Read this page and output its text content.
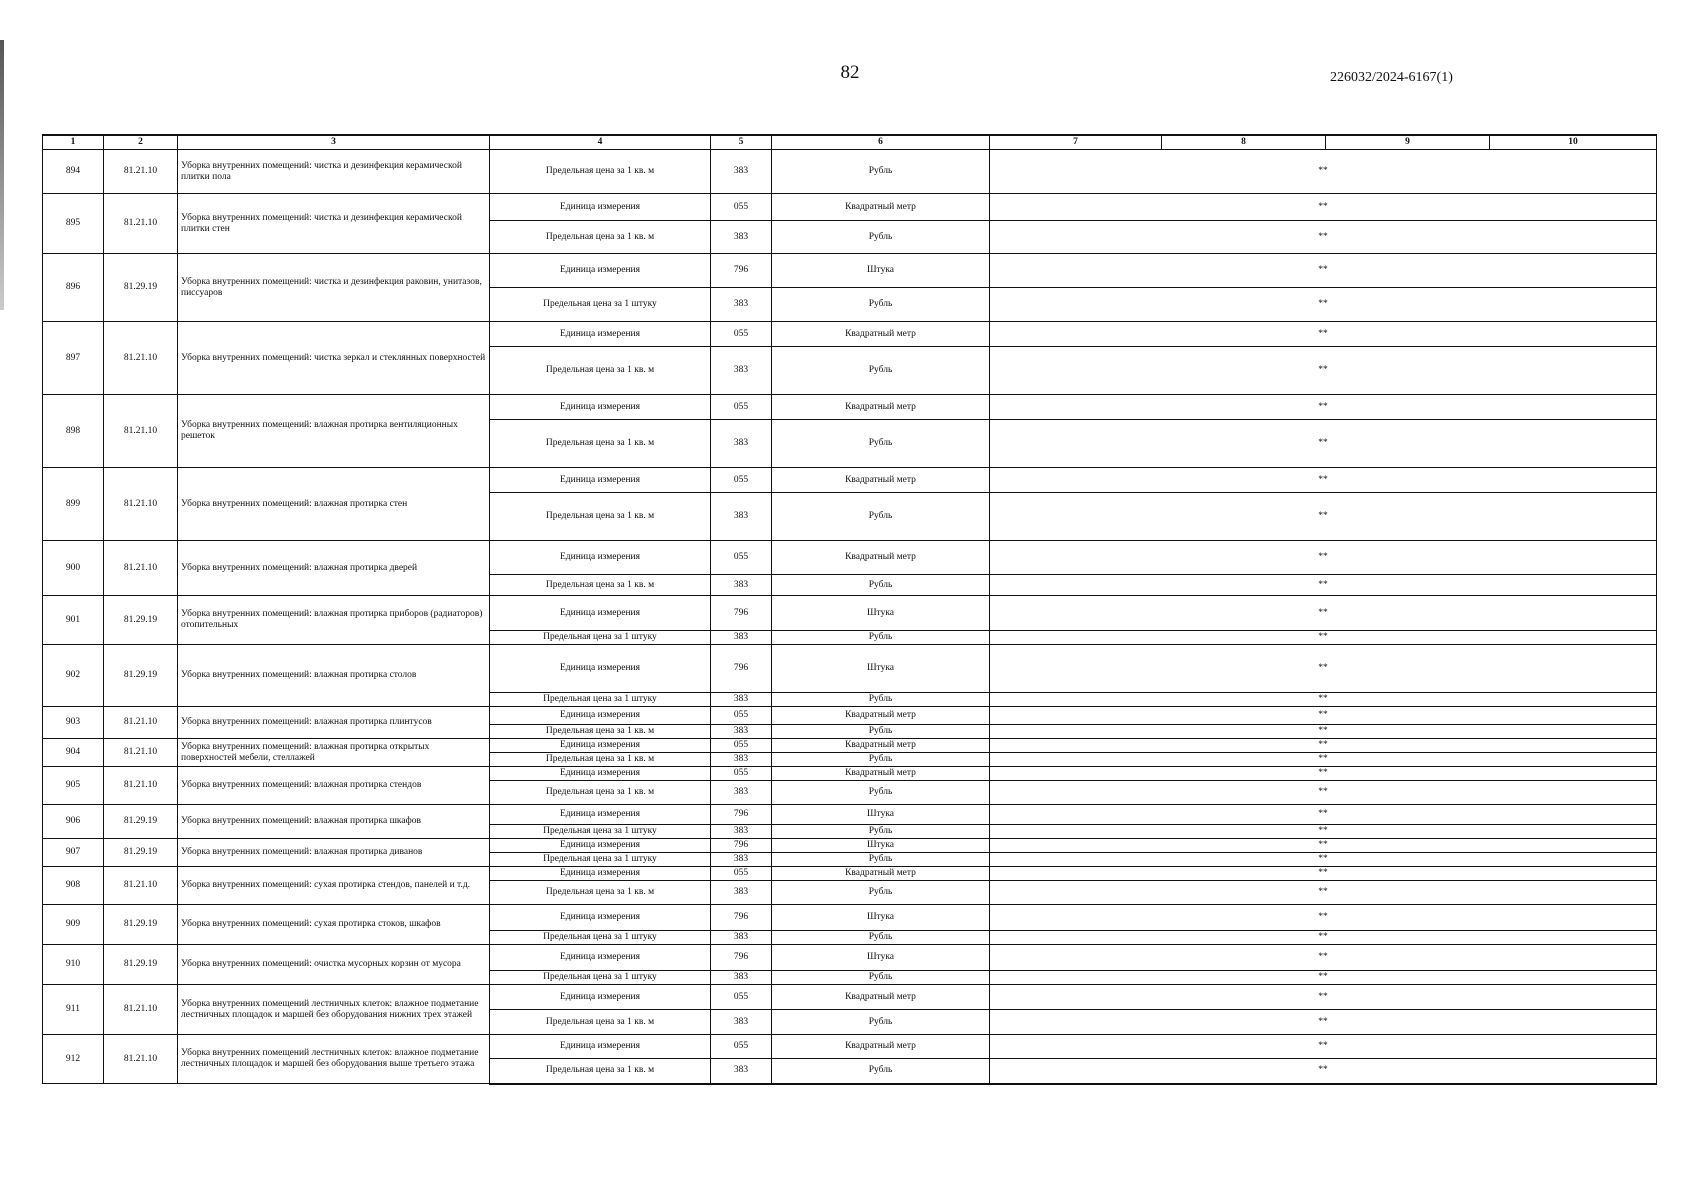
82	226032/2024-6167(1)
1	2	3	4	5	6	7	8	9	10
894	81.21.10	Уборка внутренних помещений: чистка и дезинфекция керамической плитки пола	Предельная цена за 1 кв. м	383	Рубль	**			
895	81.21.10	Уборка внутренних помещений: чистка и дезинфекция керамической плитки стен	Единица измерения	055	Квадратный метр	**			
			Предельная цена за 1 кв. м	383	Рубль	**			
896	81.29.19	Уборка внутренних помещений: чистка и дезинфекция раковин, унитазов, писсуаров	Единица измерения	796	Штука	**			
			Предельная цена за 1 штуку	383	Рубль	**			
897	81.21.10	Уборка внутренних помещений: чистка зеркал и стеклянных поверхностей	Единица измерения	055	Квадратный метр	**			
			Предельная цена за 1 кв. м	383	Рубль	**			
898	81.21.10	Уборка внутренних помещений: влажная протирка вентиляционных решеток	Единица измерения	055	Квадратный метр	**			
			Предельная цена за 1 кв. м	383	Рубль	**			
899	81.21.10	Уборка внутренних помещений: влажная протирка стен	Единица измерения	055	Квадратный метр	**			
			Предельная цена за 1 кв. м	383	Рубль	**			
900	81.21.10	Уборка внутренних помещений: влажная протирка дверей	Единица измерения	055	Квадратный метр	**			
			Предельная цена за 1 кв. м	383	Рубль	**			
901	81.29.19	Уборка внутренних помещений: влажная протирка приборов (радиаторов) отопительных	Единица измерения	796	Штука	**			
			Предельная цена за 1 штуку	383	Рубль	**			
902	81.29.19	Уборка внутренних помещений: влажная протирка столов	Единица измерения	796	Штука	**			
			Предельная цена за 1 штуку	383	Рубль	**			
903	81.21.10	Уборка внутренних помещений: влажная протирка плинтусов	Единица измерения	055	Квадратный метр	**			
			Предельная цена за 1 кв. м	383	Рубль	**			
904	81.21.10	Уборка внутренних помещений: влажная протирка открытых поверхностей мебели, стеллажей	Единица измерения	055	Квадратный метр	**			
			Предельная цена за 1 кв. м	383	Рубль	**			
905	81.21.10	Уборка внутренних помещений: влажная протирка стендов	Единица измерения	055	Квадратный метр	**			
			Предельная цена за 1 кв. м	383	Рубль	**			
906	81.29.19	Уборка внутренних помещений: влажная протирка шкафов	Единица измерения	796	Штука	**			
			Предельная цена за 1 штуку	383	Рубль	**			
907	81.29.19	Уборка внутренних помещений: влажная протирка диванов	Единица измерения	796	Штука	**			
			Предельная цена за 1 штуку	383	Рубль	**			
908	81.21.10	Уборка внутренних помещений: сухая протирка стендов, панелей и т.д.	Единица измерения	055	Квадратный метр	**			
			Предельная цена за 1 кв. м	383	Рубль	**			
909	81.29.19	Уборка внутренних помещений: сухая протирка стоков, шкафов	Единица измерения	796	Штука	**			
			Предельная цена за 1 штуку	383	Рубль	**			
910	81.29.19	Уборка внутренних помещений: очистка мусорных корзин от мусора	Единица измерения	796	Штука	**			
			Предельная цена за 1 штуку	383	Рубль	**			
911	81.21.10	Уборка внутренних помещений лестничных клеток: влажное подметание лестничных площадок и маршей без оборудования нижних трех этажей	Единица измерения	055	Квадратный метр	**			
			Предельная цена за 1 кв. м	383	Рубль	**			
912	81.21.10	Уборка внутренних помещений лестничных клеток: влажное подметание лестничных площадок и маршей без оборудования выше третьего этажа	Единица измерения	055	Квадратный метр	**			
			Предельная цена за 1 кв. м	383	Рубль	**			
